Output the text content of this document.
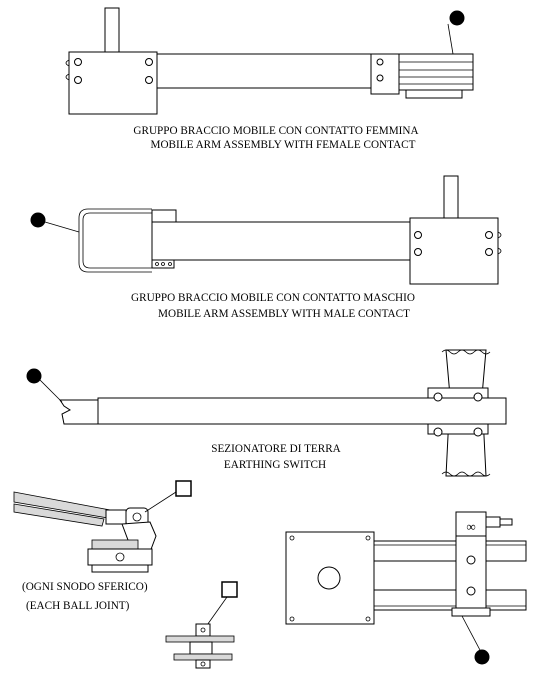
GRUPPO BRACCIO MOBILE CON CONTATTO FEMMINA
MOBILE ARM ASSEMBLY WITH FEMALE CONTACT
GRUPPO BRACCIO MOBILE CON CONTATTO MASCHIO
MOBILE ARM ASSEMBLY WITH MALE CONTACT
SEZIONATORE DI TERRA
EARTHING SWITCH
(OGNI SNODO SFERICO)
(EACH BALL JOINT)
∞
